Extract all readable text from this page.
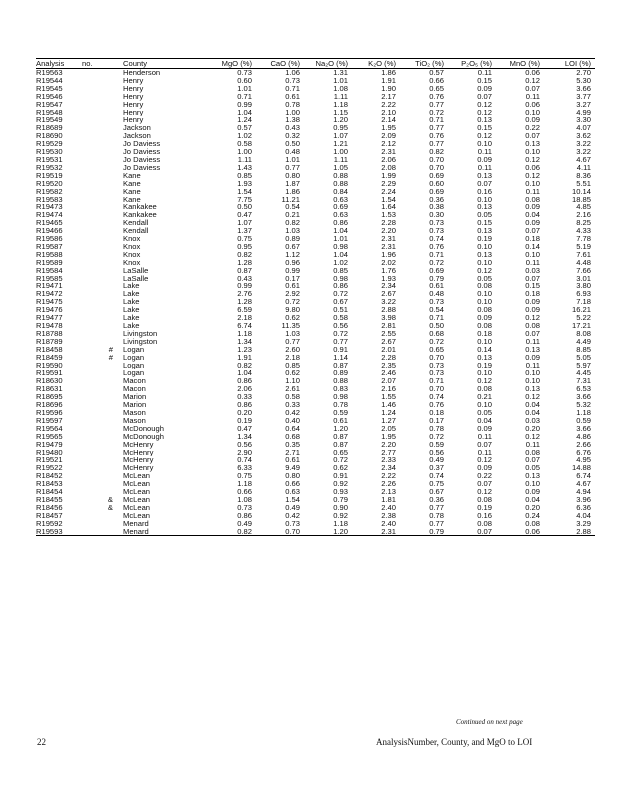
Analysis	no.	County	MgO (%)	CaO (%)	Na₂O (%)	K₂O (%)	TiO₂ (%)	P₂O₅ (%)	MnO (%)	LOI (%)
R19563		Henderson	0.73	1.06	1.31	1.86	0.57	0.11	0.06	2.70
R19544		Henry	0.60	0.73	1.01	1.91	0.66	0.15	0.12	5.30
R19545		Henry	1.01	0.71	1.08	1.90	0.65	0.09	0.07	3.66
R19546		Henry	0.71	0.61	1.11	2.17	0.76	0.07	0.11	3.77
R19547		Henry	0.99	0.78	1.18	2.22	0.77	0.12	0.06	3.27
R19548		Henry	1.04	1.00	1.15	2.10	0.72	0.12	0.10	4.99
R19549		Henry	1.24	1.38	1.20	2.14	0.71	0.13	0.09	3.30
R18689		Jackson	0.57	0.43	0.95	1.95	0.77	0.15	0.22	4.07
R18690		Jackson	1.02	0.32	1.07	2.09	0.76	0.12	0.07	3.62
R19529		Jo Daviess	0.58	0.50	1.21	2.12	0.77	0.10	0.13	3.22
R19530		Jo Daviess	1.00	0.48	1.00	2.31	0.82	0.11	0.10	3.22
R19531		Jo Daviess	1.11	1.01	1.11	2.06	0.70	0.09	0.12	4.67
R19532		Jo Daviess	1.43	0.77	1.05	2.08	0.70	0.11	0.06	4.11
R19519		Kane	0.85	0.80	0.88	1.99	0.69	0.13	0.12	8.36
R19520		Kane	1.93	1.87	0.88	2.29	0.60	0.07	0.10	5.51
R19582		Kane	1.54	1.86	0.84	2.24	0.69	0.16	0.11	10.14
R19583		Kane	7.75	11.21	0.63	1.54	0.36	0.10	0.08	18.85
R19473		Kankakee	0.50	0.54	0.69	1.64	0.38	0.13	0.09	4.85
R19474		Kankakee	0.47	0.21	0.63	1.53	0.30	0.05	0.04	2.16
R19465		Kendall	1.07	0.82	0.86	2.28	0.73	0.15	0.09	8.25
R19466		Kendall	1.37	1.03	1.04	2.20	0.73	0.13	0.07	4.33
R19586		Knox	0.75	0.89	1.01	2.31	0.74	0.19	0.18	7.78
R19587		Knox	0.95	0.67	0.98	2.31	0.76	0.10	0.14	5.19
R19588		Knox	0.82	1.12	1.04	1.96	0.71	0.13	0.10	7.61
R19589		Knox	1.28	0.96	1.02	2.02	0.72	0.10	0.11	4.48
R19584		LaSalle	0.87	0.99	0.85	1.76	0.69	0.12	0.03	7.66
R19585		LaSalle	0.43	0.17	0.98	1.93	0.79	0.05	0.07	3.01
R19471		Lake	0.99	0.61	0.86	2.34	0.61	0.08	0.15	3.80
R19472		Lake	2.76	2.92	0.72	2.67	0.48	0.10	0.18	6.93
R19475		Lake	1.28	0.72	0.67	3.22	0.73	0.10	0.09	7.18
R19476		Lake	6.59	9.80	0.51	2.88	0.54	0.08	0.09	16.21
R19477		Lake	2.18	0.62	0.58	3.98	0.71	0.09	0.12	5.22
R19478		Lake	6.74	11.35	0.56	2.81	0.50	0.08	0.08	17.21
R18788		Livingston	1.18	1.03	0.72	2.55	0.68	0.18	0.07	8.08
R18789		Livingston	1.34	0.77	0.77	2.67	0.72	0.10	0.11	4.49
R18458	#	Logan	1.23	2.60	0.91	2.01	0.65	0.14	0.13	8.85
R18459	#	Logan	1.91	2.18	1.14	2.28	0.70	0.13	0.09	5.05
R19590		Logan	0.82	0.85	0.87	2.35	0.73	0.19	0.11	5.97
R19591		Logan	1.04	0.62	0.89	2.46	0.73	0.10	0.10	4.45
R18630		Macon	0.86	1.10	0.88	2.07	0.71	0.12	0.10	7.31
R18631		Macon	2.06	2.61	0.83	2.16	0.70	0.08	0.13	6.53
R18695		Marion	0.33	0.58	0.98	1.55	0.74	0.21	0.12	3.66
R18696		Marion	0.86	0.33	0.78	1.46	0.76	0.10	0.04	5.32
R19596		Mason	0.20	0.42	0.59	1.24	0.18	0.05	0.04	1.18
R19597		Mason	0.19	0.40	0.61	1.27	0.17	0.04	0.03	0.59
R19564		McDonough	0.47	0.64	1.20	2.05	0.78	0.09	0.20	3.66
R19565		McDonough	1.34	0.68	0.87	1.95	0.72	0.11	0.12	4.86
R19479		McHenry	0.56	0.35	0.87	2.20	0.59	0.07	0.11	2.66
R19480		McHenry	2.90	2.71	0.65	2.77	0.56	0.11	0.08	6.76
R19521		McHenry	0.74	0.61	0.72	2.33	0.49	0.12	0.07	4.95
R19522		McHenry	6.33	9.49	0.62	2.34	0.37	0.09	0.05	14.88
R18452		McLean	0.75	0.80	0.91	2.22	0.74	0.22	0.13	6.74
R18453		McLean	1.18	0.66	0.92	2.26	0.75	0.07	0.10	4.67
R18454		McLean	0.66	0.63	0.93	2.13	0.67	0.12	0.09	4.94
R18455	&	McLean	1.08	1.54	0.79	1.81	0.36	0.08	0.04	3.96
R18456	&	McLean	0.73	0.49	0.90	2.40	0.77	0.19	0.20	6.36
R18457		McLean	0.86	0.42	0.92	2.38	0.78	0.16	0.24	4.04
R19592		Menard	0.49	0.73	1.18	2.40	0.77	0.08	0.08	3.29
R19593		Menard	0.82	0.70	1.20	2.31	0.79	0.07	0.06	2.88
Continued on next page
22	AnalysisNumber, County, and MgO to LOI
